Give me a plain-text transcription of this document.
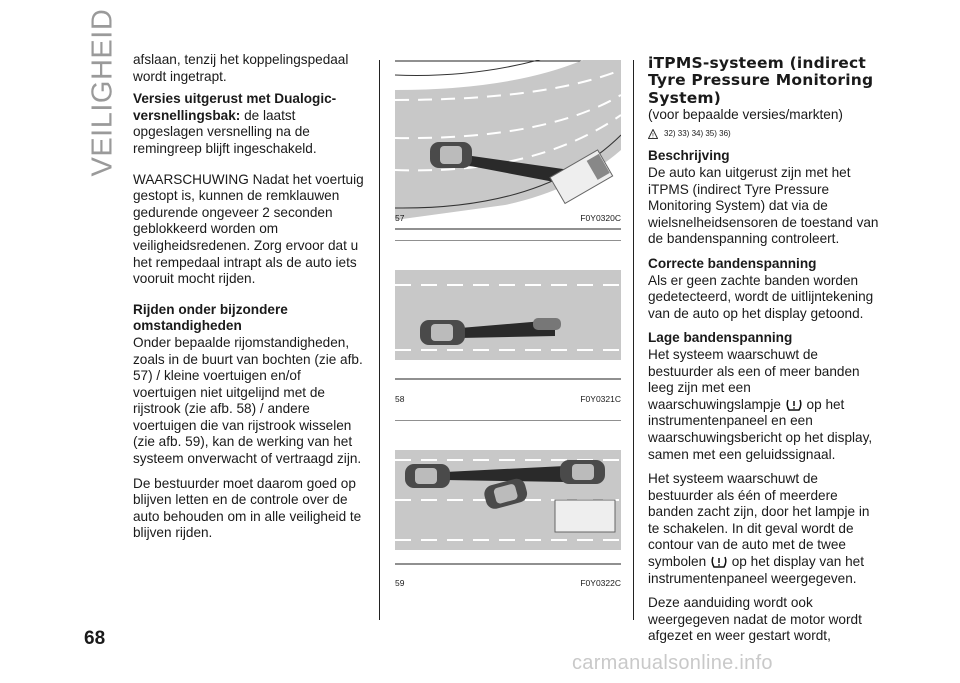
VEILIGHEID afslaan, tenzij het koppelingspedaal wordt ingetrapt.

Versies uitgerust met Dualogic-versnellingsbak: de laatst opgeslagen versnelling na de remingreep blijft ingeschakeld.

WAARSCHUWING Nadat het voertuig gestopt is, kunnen de remklauwen gedurende ongeveer 2 seconden geblokkeerd worden om veiligheidsredenen. Zorg ervoor dat u het rempedaal intrapt als de auto iets vooruit mocht rijden.

Rijden onder bijzondere omstandigheden

Onder bepaalde rijomstandigheden, zoals in de buurt van bochten (zie afb. 57) / kleine voertuigen en/of voertuigen niet uitgelijnd met de rijstrook (zie afb. 58) / andere voertuigen die van rijstrook wisselen (zie afb. 59), kan de werking van het systeem onverwacht of vertraagd zijn.

De bestuurder moet daarom goed op blijven letten en de controle over de auto behouden om in alle veiligheid te blijven rijden.

57	F0Y0320C
58	F0Y0321C
59	F0Y0322C
iTPMS-systeem (indirect Tyre Pressure Monitoring System)

(voor bepaalde versies/markten)

! 32) 33) 34) 35) 36)
Beschrijving

De auto kan uitgerust zijn met het iTPMS (indirect Tyre Pressure Monitoring System) dat via de wielsnelheidsensoren de toestand van de bandenspanning controleert.

Correcte bandenspanning

Als er geen zachte banden worden gedetecteerd, wordt de uitlijntekening van de auto op het display getoond.

Lage bandenspanning

Het systeem waarschuwt de bestuurder als een of meer banden leeg zijn met een waarschuwingslampje  op het instrumentenpaneel en een waarschuwingsbericht op het display, samen met een geluidssignaal.

Het systeem waarschuwt de bestuurder als één of meerdere banden zacht zijn, door het lampje in te schakelen. In dit geval wordt de contour van de auto met de twee symbolen  op het display van het instrumentenpaneel weergegeven.

Deze aanduiding wordt ook weergegeven nadat de motor wordt afgezet en weer gestart wordt,

68
carmanualsonline.info
